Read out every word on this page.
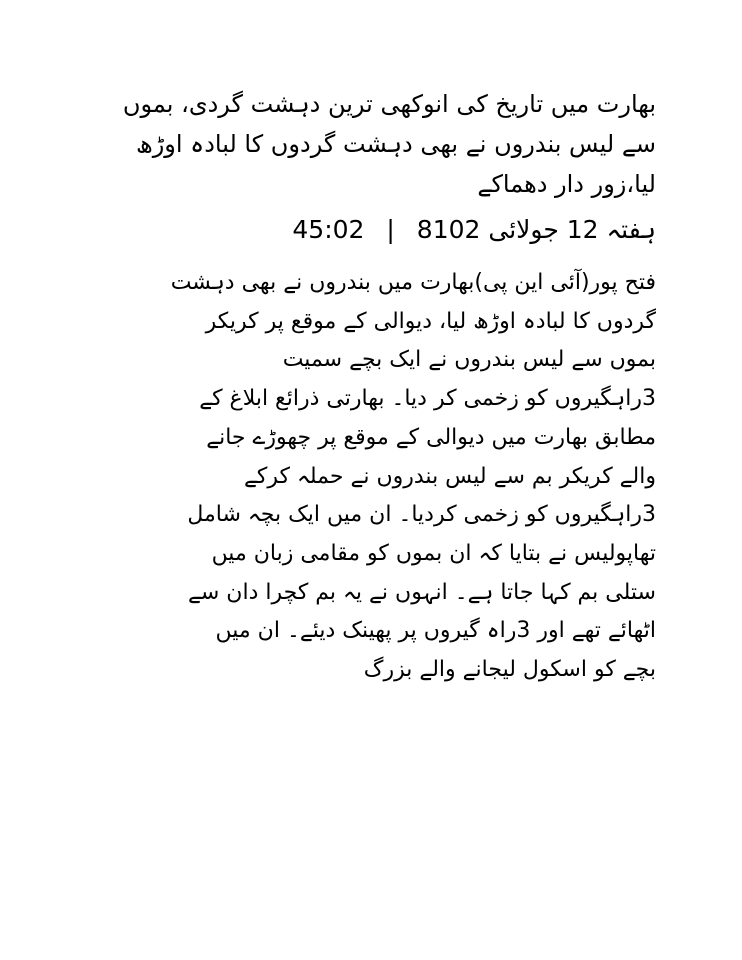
بھارت میں تاریخ کی انوکھی ترین دہشت گردی، بموں
سے لیس بندروں نے بھی دہشت گردوں کا لبادہ اوڑھ
لیا،زور دار دھماکے
ہفتہ 12 جولائی 8102 | 45:02
فتح پور(آئی این پی)بھارت میں بندروں نے بھی دہشت
گردوں کا لبادہ اوڑھ لیا، دیوالی کے موقع پر کریکر
بموں سے لیس بندروں نے ایک بچے سمیت
3راہگیروں کو زخمی کر دیا۔ بھارتی ذرائع ابلاغ کے
مطابق بھارت میں دیوالی کے موقع پر چھوڑے جانے
والے کریکر بم سے لیس بندروں نے حملہ کرکے
3راہگیروں کو زخمی کردیا۔ ان میں ایک بچہ شامل
تھاپولیس نے بتایا کہ ان بموں کو مقامی زبان میں
ستلی بم کہا جاتا ہے۔ انہوں نے یہ بم کچرا دان سے
اٹھائے تھے اور 3راہ گیروں پر پھینک دیئے۔ ان میں
بچے کو اسکول لیجانے والے بزرگ
